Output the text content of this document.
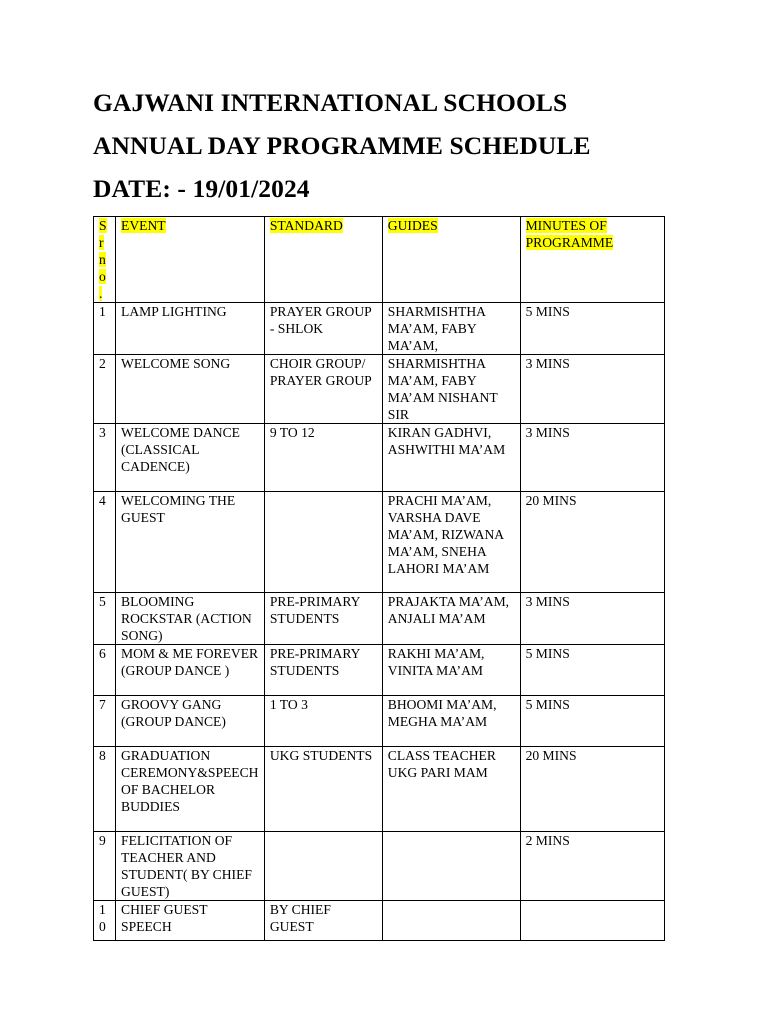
GAJWANI INTERNATIONAL SCHOOLS
ANNUAL DAY PROGRAMME SCHEDULE
DATE: - 19/01/2024
Sr no .	EVENT	STANDARD	GUIDES	MINUTES OF PROGRAMME
1	LAMP LIGHTING	PRAYER GROUP - SHLOK	SHARMISHTHA MA’AM, FABY MA’AM,	5 MINS
2	WELCOME SONG	CHOIR GROUP/ PRAYER GROUP	SHARMISHTHA MA’AM, FABY MA’AM NISHANT SIR	3 MINS
3	WELCOME DANCE (CLASSICAL CADENCE)	9 TO 12	KIRAN GADHVI, ASHWITHI MA’AM	3 MINS
4	WELCOMING THE GUEST		PRACHI MA’AM, VARSHA DAVE MA’AM, RIZWANA MA’AM, SNEHA LAHORI MA’AM	20 MINS
5	BLOOMING ROCKSTAR (ACTION SONG)	PRE-PRIMARY STUDENTS	PRAJAKTA MA’AM, ANJALI MA’AM	3 MINS
6	MOM & ME FOREVER (GROUP DANCE )	PRE-PRIMARY STUDENTS	RAKHI MA’AM, VINITA MA’AM	5 MINS
7	GROOVY GANG (GROUP DANCE)	1 TO 3	BHOOMI MA’AM, MEGHA MA’AM	5 MINS
8	GRADUATION CEREMONY&SPEECH OF BACHELOR BUDDIES	UKG STUDENTS	CLASS TEACHER UKG PARI MAM	20 MINS
9	FELICITATION OF TEACHER AND STUDENT( BY CHIEF GUEST)			2 MINS
10	CHIEF GUEST SPEECH	BY CHIEF GUEST		
